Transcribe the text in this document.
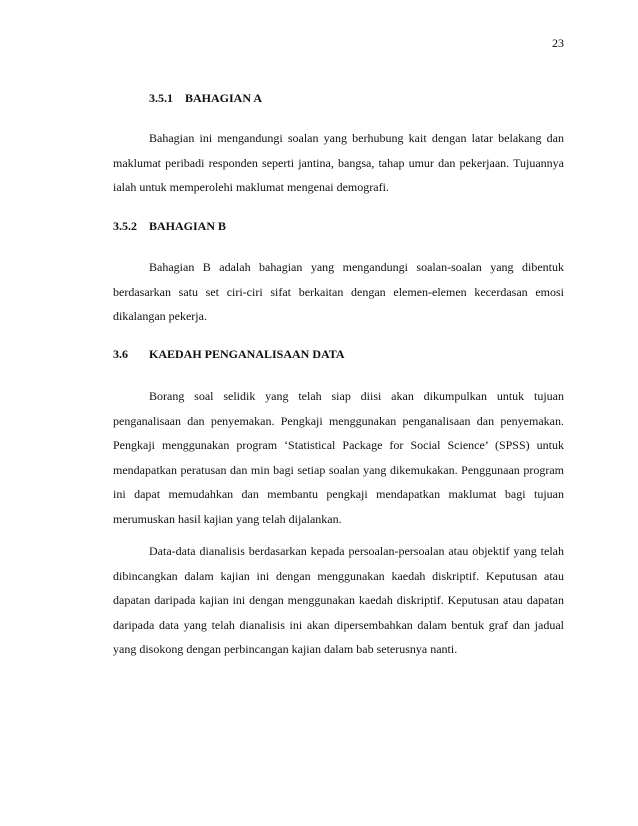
23
3.5.1 BAHAGIAN A

Bahagian ini mengandungi soalan yang berhubung kait dengan latar belakang dan maklumat peribadi responden seperti jantina, bangsa, tahap umur dan pekerjaan. Tujuannya ialah untuk memperolehi maklumat mengenai demografi.

3.5.2 BAHAGIAN B

Bahagian B adalah bahagian yang mengandungi soalan-soalan yang dibentuk berdasarkan satu set ciri-ciri sifat berkaitan dengan elemen-elemen kecerdasan emosi dikalangan pekerja.

3.6 KAEDAH PENGANALISAAN DATA

Borang soal selidik yang telah siap diisi akan dikumpulkan untuk tujuan penganalisaan dan penyemakan. Pengkaji menggunakan penganalisaan dan penyemakan. Pengkaji menggunakan program ‘Statistical Package for Social Science’ (SPSS) untuk mendapatkan peratusan dan min bagi setiap soalan yang dikemukakan. Penggunaan program ini dapat memudahkan dan membantu pengkaji mendapatkan maklumat bagi tujuan merumuskan hasil kajian yang telah dijalankan.

Data-data dianalisis berdasarkan kepada persoalan-persoalan atau objektif yang telah dibincangkan dalam kajian ini dengan menggunakan kaedah diskriptif. Keputusan atau dapatan daripada kajian ini dengan menggunakan kaedah diskriptif. Keputusan atau dapatan daripada data yang telah dianalisis ini akan dipersembahkan dalam bentuk graf dan jadual yang disokong dengan perbincangan kajian dalam bab seterusnya nanti.
